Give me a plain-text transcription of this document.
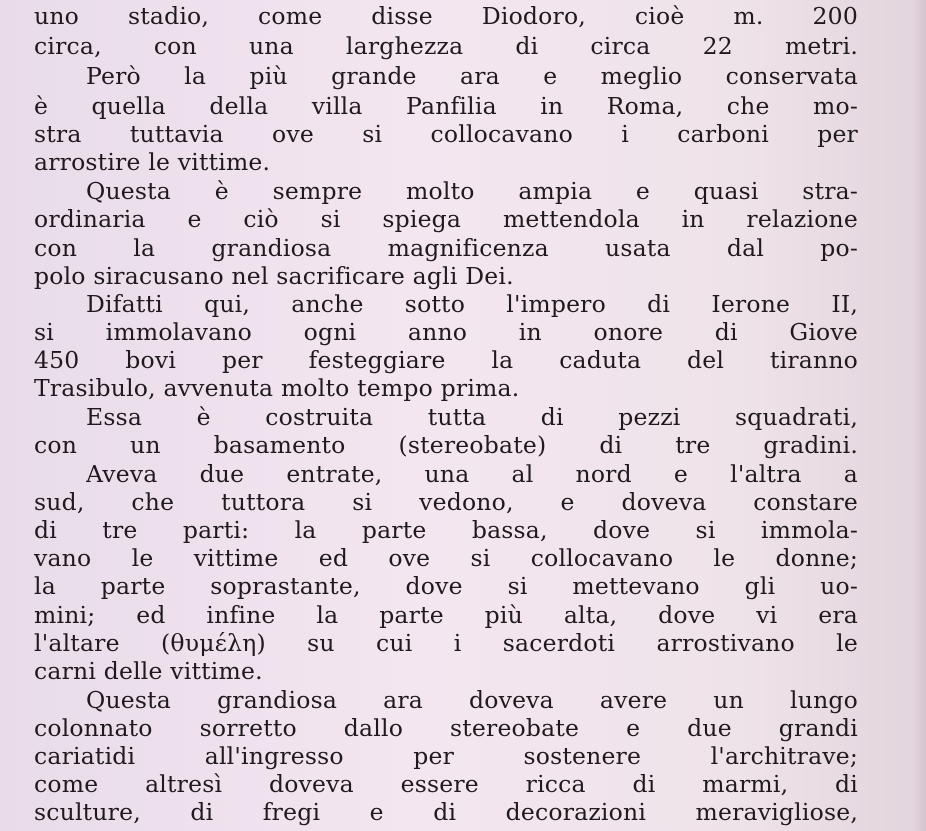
uno stadio, come disse Diodoro, cioè m. 200
circa, con una larghezza di circa 22 metri.
Però la più grande ara e meglio conservata
è quella della villa Panfilia in Roma, che mo-
stra tuttavia ove si collocavano i carboni per
arrostire le vittime.
Questa è sempre molto ampia e quasi stra-
ordinaria e ciò si spiega mettendola in relazione
con la grandiosa magnificenza usata dal po-
polo siracusano nel sacrificare agli Dei.
Difatti qui, anche sotto l'impero di Ierone II,
si immolavano ogni anno in onore di Giove
450 bovi per festeggiare la caduta del tiranno
Trasibulo, avvenuta molto tempo prima.
Essa è costruita tutta di pezzi squadrati,
con un basamento (stereobate) di tre gradini.
Aveva due entrate, una al nord e l'altra a
sud, che tuttora si vedono, e doveva constare
di tre parti: la parte bassa, dove si immola-
vano le vittime ed ove si collocavano le donne;
la parte soprastante, dove si mettevano gli uo-
mini; ed infine la parte più alta, dove vi era
l'altare (θυμέλη) su cui i sacerdoti arrostivano le
carni delle vittime.
Questa grandiosa ara doveva avere un lungo
colonnato sorretto dallo stereobate e due grandi
cariatidi all'ingresso per sostenere l'architrave;
come altresì doveva essere ricca di marmi, di
sculture, di fregi e di decorazioni meravigliose,
